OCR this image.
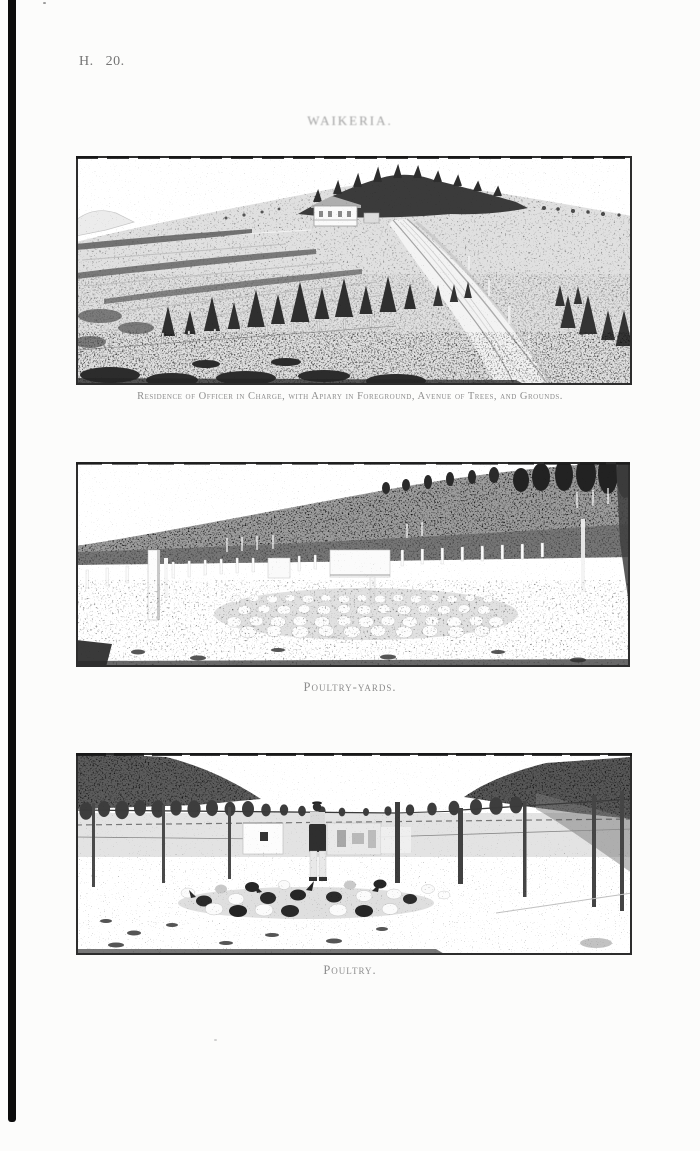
H. 20.
WAIKERIA.
Residence of Officer in Charge, with Apiary in Foreground, Avenue of Trees, and Grounds.
Poultry-yards.
Poultry.
